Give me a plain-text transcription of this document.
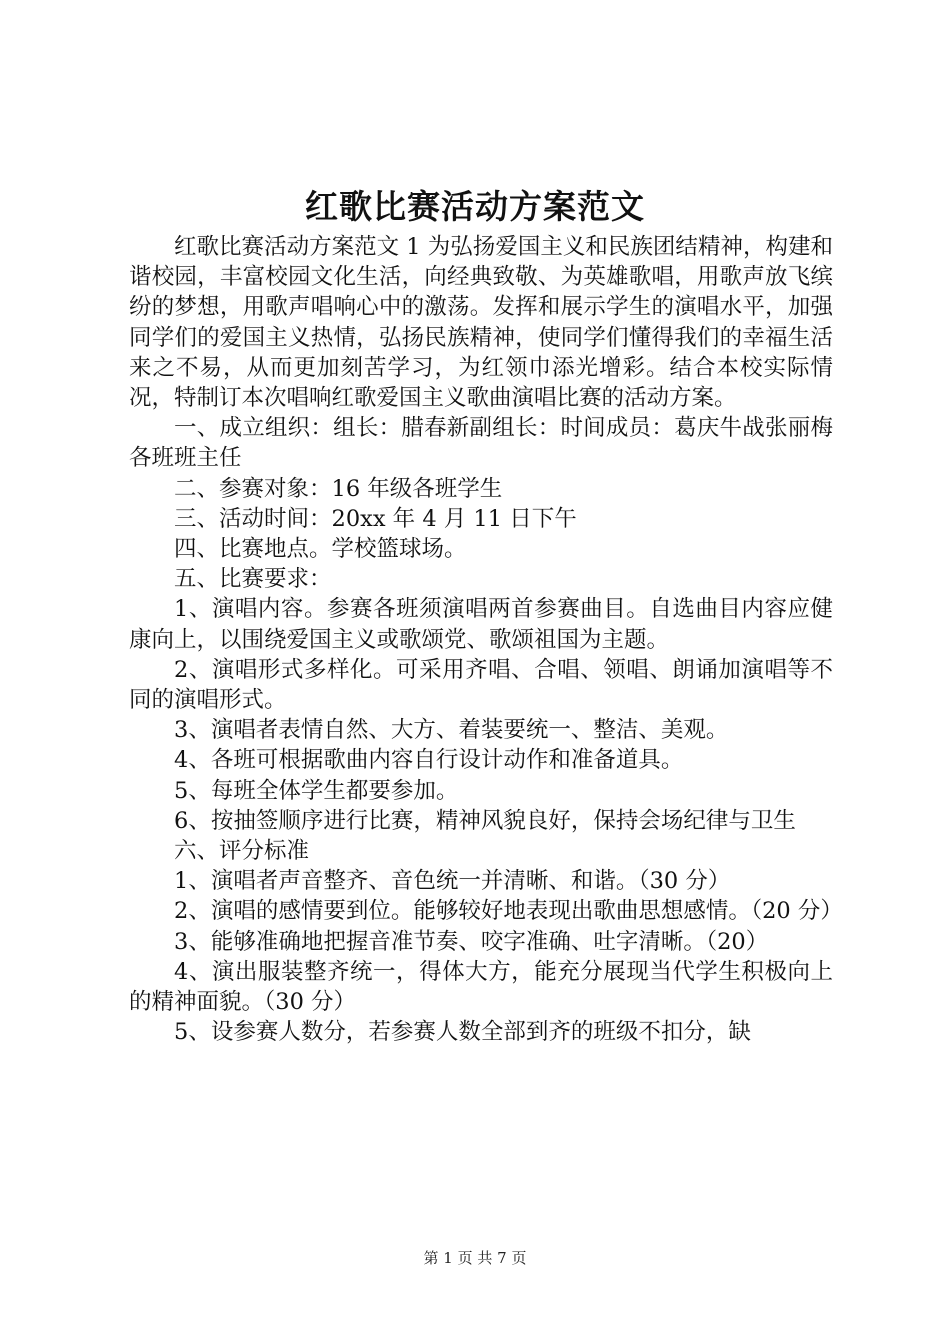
红歌比赛活动方案范文

红歌比赛活动方案范文 1 为弘扬爱国主义和民族团结精神，构建和谐校园，丰富校园文化生活，向经典致敬、为英雄歌唱，用歌声放飞缤纷的梦想，用歌声唱响心中的激荡。发挥和展示学生的演唱水平，加强同学们的爱国主义热情，弘扬民族精神，使同学们懂得我们的幸福生活来之不易，从而更加刻苦学习，为红领巾添光增彩。结合本校实际情况，特制订本次唱响红歌爱国主义歌曲演唱比赛的活动方案。

一、成立组织：组长：腊春新副组长：时间成员：葛庆牛战张丽梅各班班主任

二、参赛对象：16 年级各班学生

三、活动时间：20xx 年 4 月 11 日下午

四、比赛地点。学校篮球场。

五、比赛要求：

1、演唱内容。参赛各班须演唱两首参赛曲目。自选曲目内容应健康向上，以围绕爱国主义或歌颂党、歌颂祖国为主题。

2、演唱形式多样化。可采用齐唱、合唱、领唱、朗诵加演唱等不同的演唱形式。

3、演唱者表情自然、大方、着装要统一、整洁、美观。

4、各班可根据歌曲内容自行设计动作和准备道具。

5、每班全体学生都要参加。

6、按抽签顺序进行比赛，精神风貌良好，保持会场纪律与卫生

六、评分标准

1、演唱者声音整齐、音色统一并清晰、和谐。（30 分）

2、演唱的感情要到位。能够较好地表现出歌曲思想感情。（20 分）

3、能够准确地把握音准节奏、咬字准确、吐字清晰。（20）

4、演出服装整齐统一，得体大方，能充分展现当代学生积极向上的精神面貌。（30 分）

5、设参赛人数分，若参赛人数全部到齐的班级不扣分，缺

第 1 页 共 7 页
